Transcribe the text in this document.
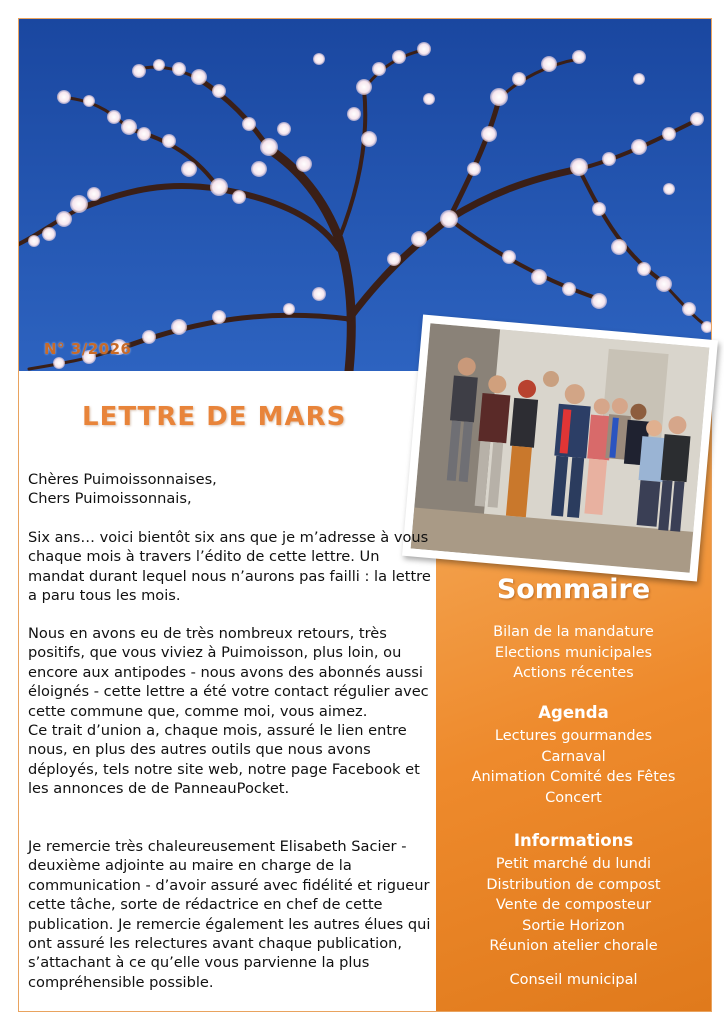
N° 3/2026
LETTRE DE MARS

Chères Puimoissonnaises,
Chers Puimoissonnais,

Six ans… voici bientôt six ans que je m’adresse à vous chaque mois à travers l’édito de cette lettre. Un mandat durant lequel nous n’aurons pas failli : la lettre a paru tous les mois.

Nous en avons eu de très nombreux retours, très positifs, que vous viviez à Puimoisson, plus loin, ou encore aux antipodes - nous avons des abonnés aussi éloignés - cette lettre a été votre contact régulier avec cette commune que, comme moi, vous aimez.
Ce trait d’union a, chaque mois, assuré le lien entre nous, en plus des autres outils que nous avons déployés, tels notre site web, notre page Facebook et les annonces de de PanneauPocket.

Je remercie très chaleureusement Elisabeth Sacier - deuxième adjointe au maire en charge de la communication - d’avoir assuré avec fidélité et rigueur cette tâche, sorte de rédactrice en chef de cette publication. Je remercie également les autres élues qui ont assuré les relectures avant chaque publication, s’attachant à ce qu’elle vous parvienne la plus compréhensible possible.

Sommaire
Bilan de la mandature
Elections municipales
Actions récentes
Agenda
Lectures gourmandes
Carnaval
Animation Comité des Fêtes
Concert
Informations
Petit marché du lundi
Distribution de compost
Vente de composteur
Sortie Horizon
Réunion atelier chorale
Conseil municipal
